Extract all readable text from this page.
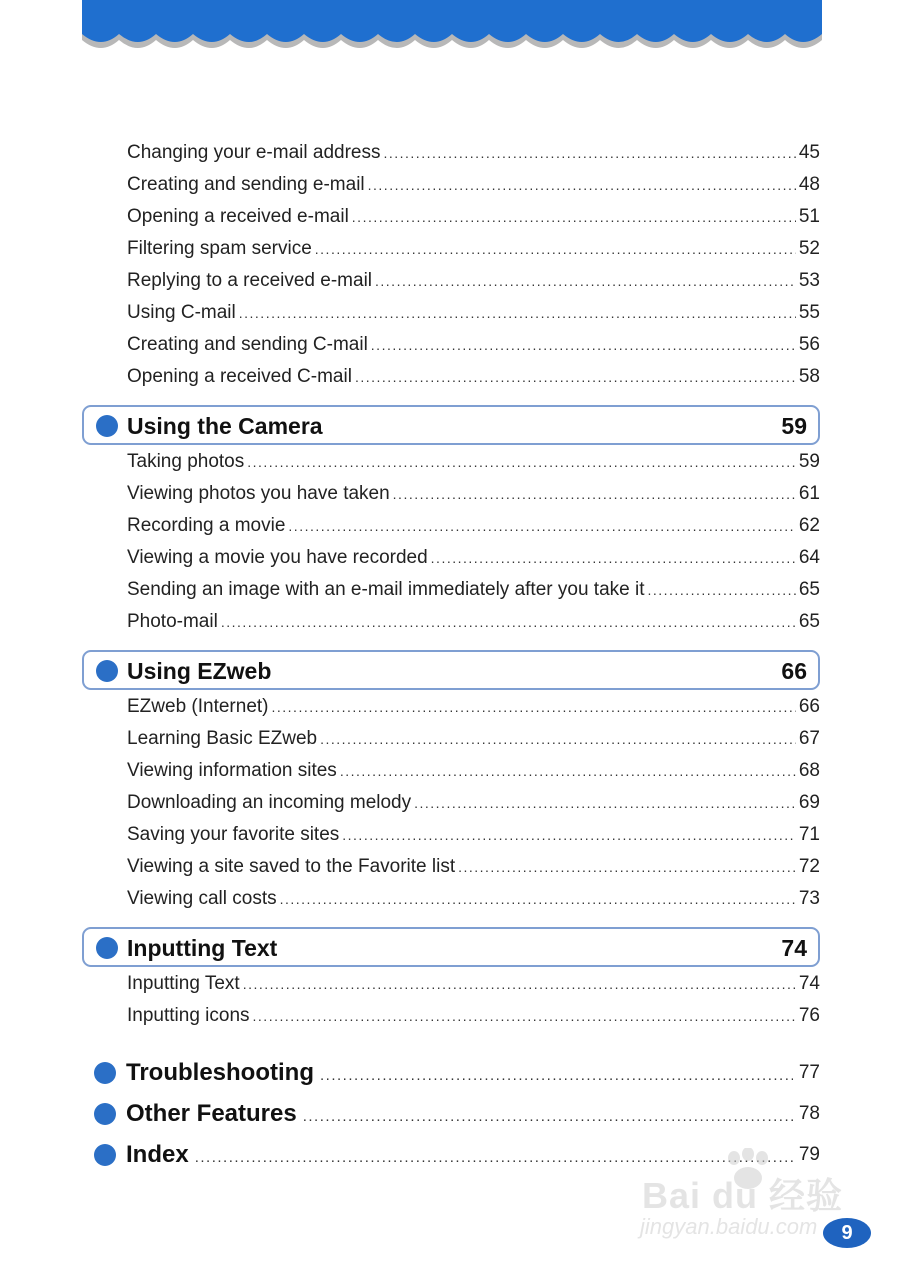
Changing your e-mail address .....	45
Creating and sending e-mail .....	48
Opening a received e-mail .....	51
Filtering spam service .....	52
Replying to a received e-mail .....	53
Using C-mail .....	55
Creating and sending C-mail .....	56
Opening a received C-mail .....	58
Using the Camera	59
Taking photos .....	59
Viewing photos you have taken .....	61
Recording a movie .....	62
Viewing a movie you have recorded .....	64
Sending an image with an e-mail immediately after you take it .....	65
Photo-mail .....	65
Using EZweb	66
EZweb (Internet) .....	66
Learning Basic EZweb .....	67
Viewing information sites .....	68
Downloading an incoming melody .....	69
Saving your favorite sites .....	71
Viewing a site saved to the Favorite list .....	72
Viewing call costs .....	73
Inputting Text	74
Inputting Text .....	74
Inputting icons .....	76
Troubleshooting .....	77
Other Features .....	78
Index .....	79
Bai du 经验
jingyan.baidu.com	9
